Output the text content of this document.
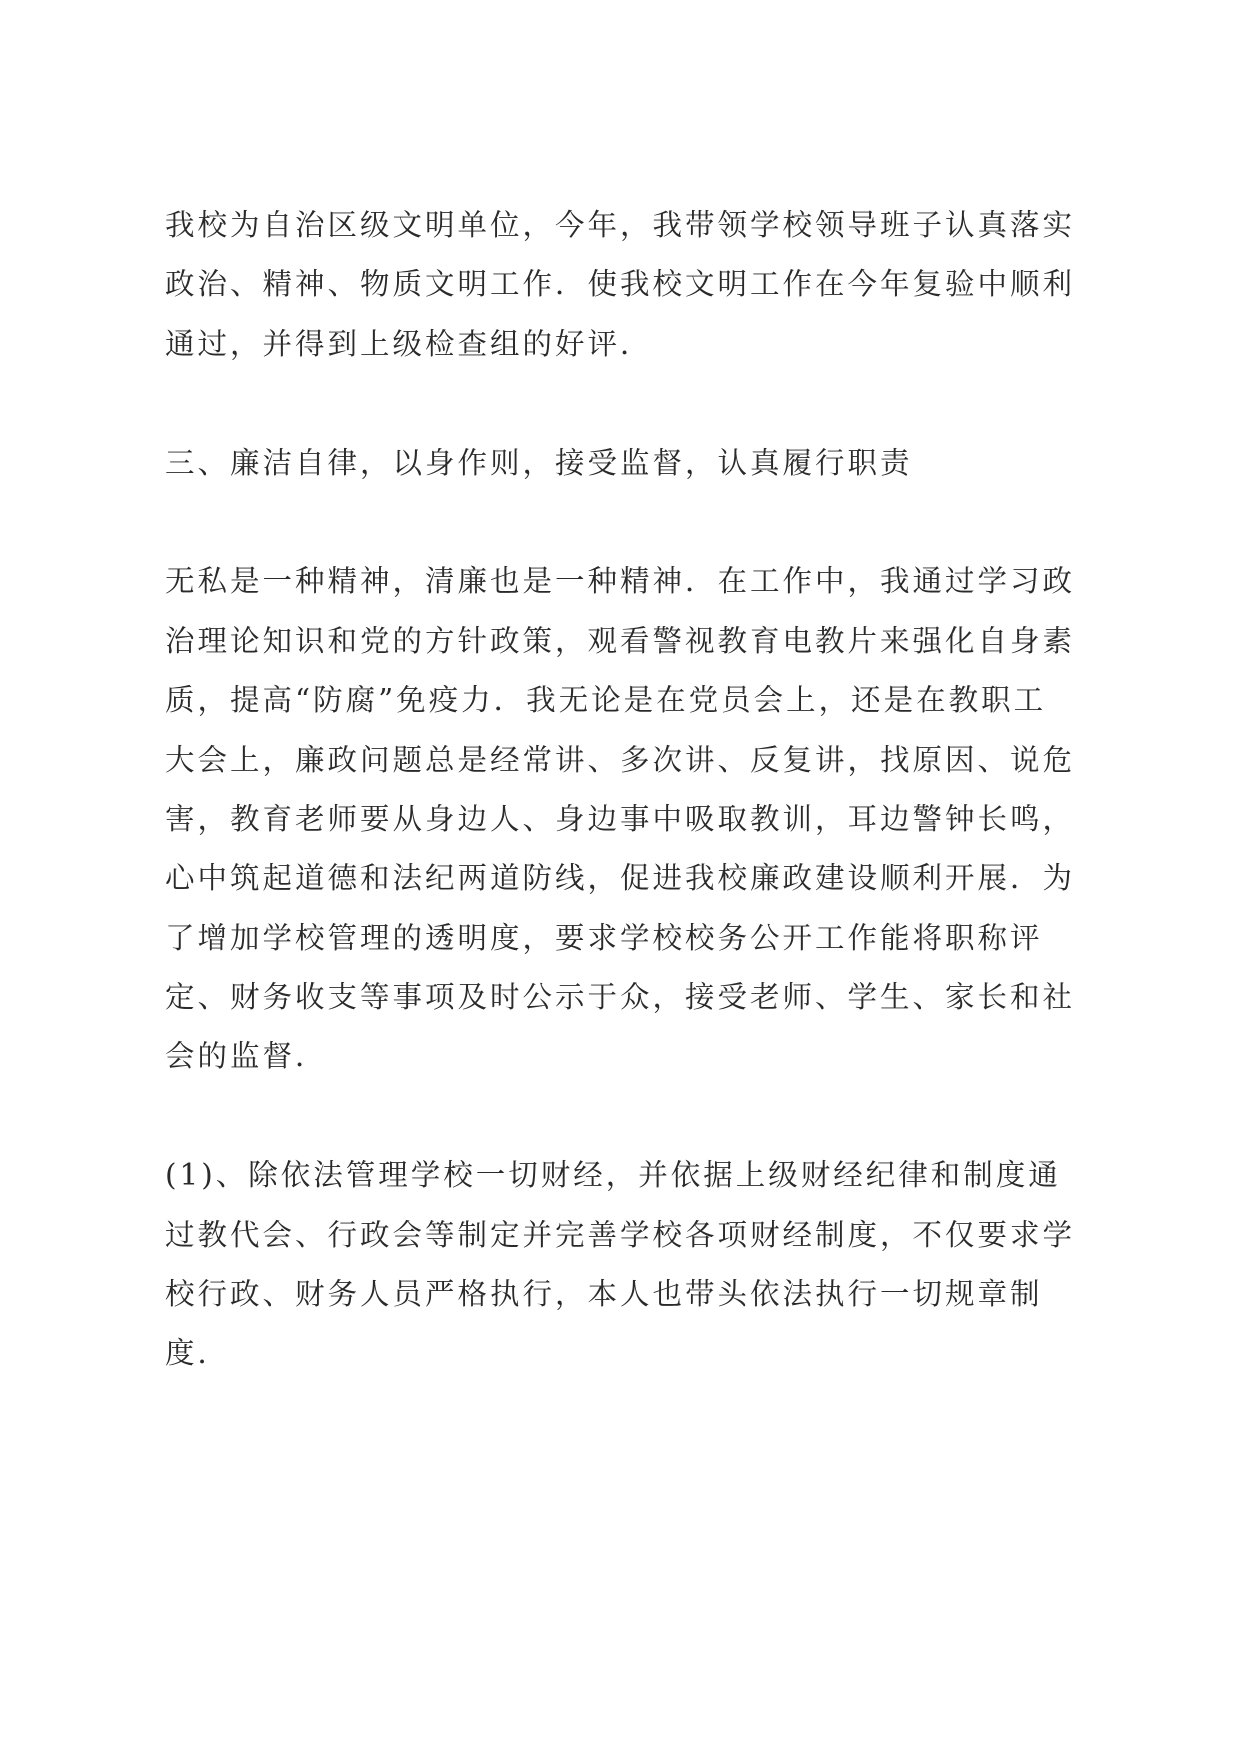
我校为自治区级文明单位，今年，我带领学校领导班子认真落实
政治、精神、物质文明工作．使我校文明工作在今年复验中顺利
通过，并得到上级检查组的好评．
三、廉洁自律，以身作则，接受监督，认真履行职责
无私是一种精神，清廉也是一种精神．在工作中，我通过学习政
治理论知识和党的方针政策，观看警视教育电教片来强化自身素
质，提高“防腐”免疫力．我无论是在党员会上，还是在教职工
大会上，廉政问题总是经常讲、多次讲、反复讲，找原因、说危
害，教育老师要从身边人、身边事中吸取教训，耳边警钟长鸣，
心中筑起道德和法纪两道防线，促进我校廉政建设顺利开展．为
了增加学校管理的透明度，要求学校校务公开工作能将职称评
定、财务收支等事项及时公示于众，接受老师、学生、家长和社
会的监督．
(1)、除依法管理学校一切财经，并依据上级财经纪律和制度通
过教代会、行政会等制定并完善学校各项财经制度，不仅要求学
校行政、财务人员严格执行，本人也带头依法执行一切规章制
度．
